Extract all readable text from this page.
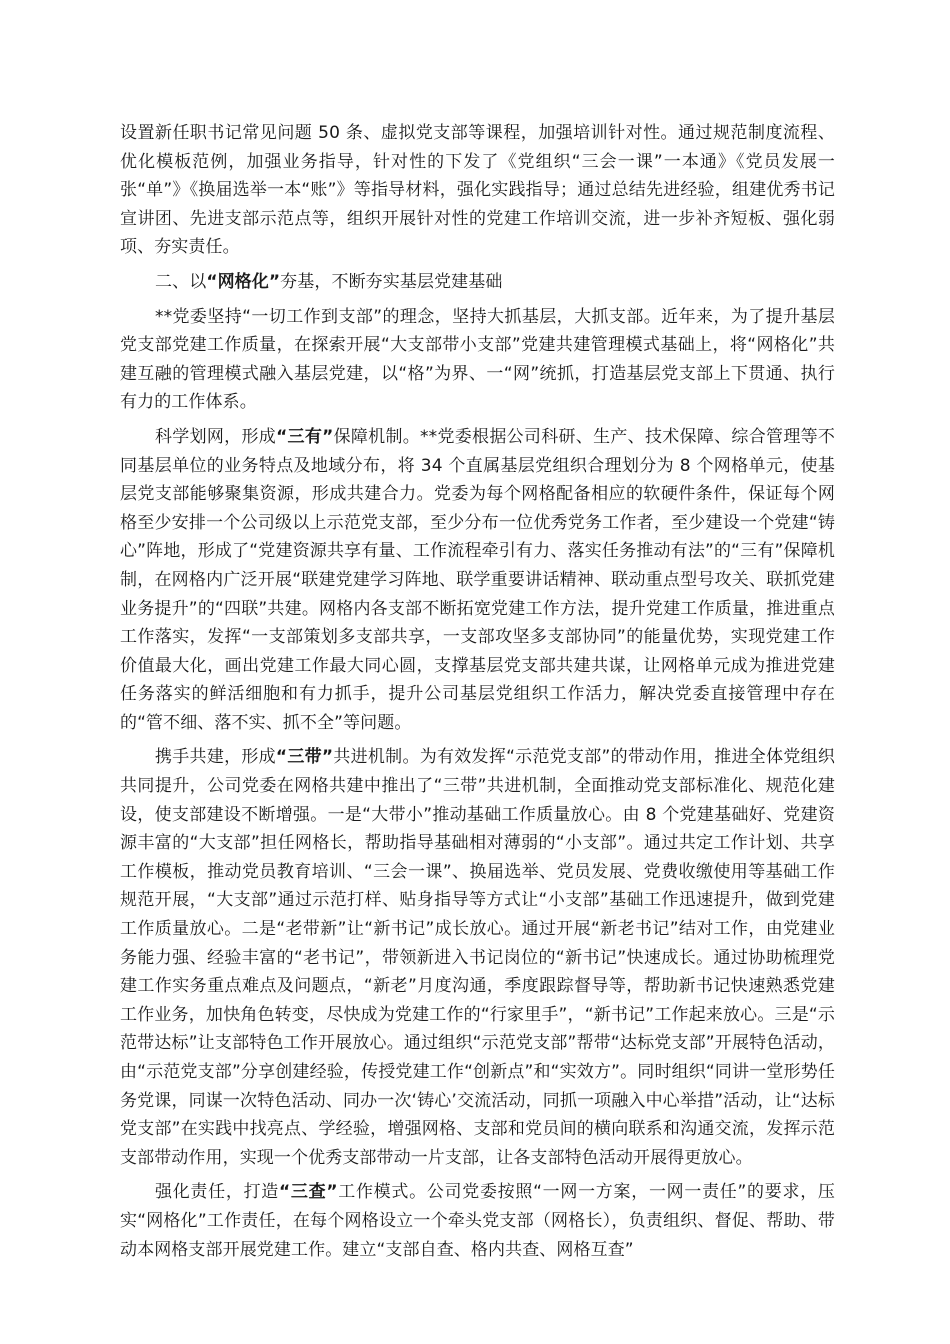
设置新任职书记常见问题 50 条、虚拟党支部等课程，加强培训针对性。通过规范制度流程、优化模板范例，加强业务指导，针对性的下发了《党组织“三会一课”一本通》《党员发展一张“单”》《换届选举一本“账”》等指导材料，强化实践指导；通过总结先进经验，组建优秀书记宣讲团、先进支部示范点等，组织开展针对性的党建工作培训交流，进一步补齐短板、强化弱项、夯实责任。

二、以“网格化”夯基，不断夯实基层党建基础

**党委坚持“一切工作到支部”的理念，坚持大抓基层，大抓支部。近年来，为了提升基层党支部党建工作质量，在探索开展“大支部带小支部”党建共建管理模式基础上，将“网格化”共建互融的管理模式融入基层党建，以“格”为界、一“网”统抓，打造基层党支部上下贯通、执行有力的工作体系。

科学划网，形成“三有”保障机制。**党委根据公司科研、生产、技术保障、综合管理等不同基层单位的业务特点及地域分布，将 34 个直属基层党组织合理划分为 8 个网格单元，使基层党支部能够聚集资源，形成共建合力。党委为每个网格配备相应的软硬件条件，保证每个网格至少安排一个公司级以上示范党支部，至少分布一位优秀党务工作者，至少建设一个党建“铸心”阵地，形成了“党建资源共享有量、工作流程牵引有力、落实任务推动有法”的“三有”保障机制，在网格内广泛开展“联建党建学习阵地、联学重要讲话精神、联动重点型号攻关、联抓党建业务提升”的“四联”共建。网格内各支部不断拓宽党建工作方法，提升党建工作质量，推进重点工作落实，发挥“一支部策划多支部共享，一支部攻坚多支部协同”的能量优势，实现党建工作价值最大化，画出党建工作最大同心圆，支撑基层党支部共建共谋，让网格单元成为推进党建任务落实的鲜活细胞和有力抓手，提升公司基层党组织工作活力，解决党委直接管理中存在的“管不细、落不实、抓不全”等问题。

携手共建，形成“三带”共进机制。为有效发挥“示范党支部”的带动作用，推进全体党组织共同提升，公司党委在网格共建中推出了“三带”共进机制，全面推动党支部标准化、规范化建设，使支部建设不断增强。一是“大带小”推动基础工作质量放心。由 8 个党建基础好、党建资源丰富的“大支部”担任网格长，帮助指导基础相对薄弱的“小支部”。通过共定工作计划、共享工作模板，推动党员教育培训、“三会一课”、换届选举、党员发展、党费收缴使用等基础工作规范开展，“大支部”通过示范打样、贴身指导等方式让“小支部”基础工作迅速提升，做到党建工作质量放心。二是“老带新”让“新书记”成长放心。通过开展“新老书记”结对工作，由党建业务能力强、经验丰富的“老书记”，带领新进入书记岗位的“新书记”快速成长。通过协助梳理党建工作实务重点难点及问题点，“新老”月度沟通，季度跟踪督导等，帮助新书记快速熟悉党建工作业务，加快角色转变，尽快成为党建工作的“行家里手”，“新书记”工作起来放心。三是“示范带达标”让支部特色工作开展放心。通过组织“示范党支部”帮带“达标党支部”开展特色活动，由“示范党支部”分享创建经验，传授党建工作“创新点”和“实效方”。同时组织“同讲一堂形势任务党课，同谋一次特色活动、同办一次‘铸心’交流活动，同抓一项融入中心举措”活动，让“达标党支部”在实践中找亮点、学经验，增强网格、支部和党员间的横向联系和沟通交流，发挥示范支部带动作用，实现一个优秀支部带动一片支部，让各支部特色活动开展得更放心。

强化责任，打造“三查”工作模式。公司党委按照“一网一方案，一网一责任”的要求，压实“网格化”工作责任，在每个网格设立一个牵头党支部（网格长），负责组织、督促、帮助、带动本网格支部开展党建工作。建立“支部自查、格内共查、网格互查”
